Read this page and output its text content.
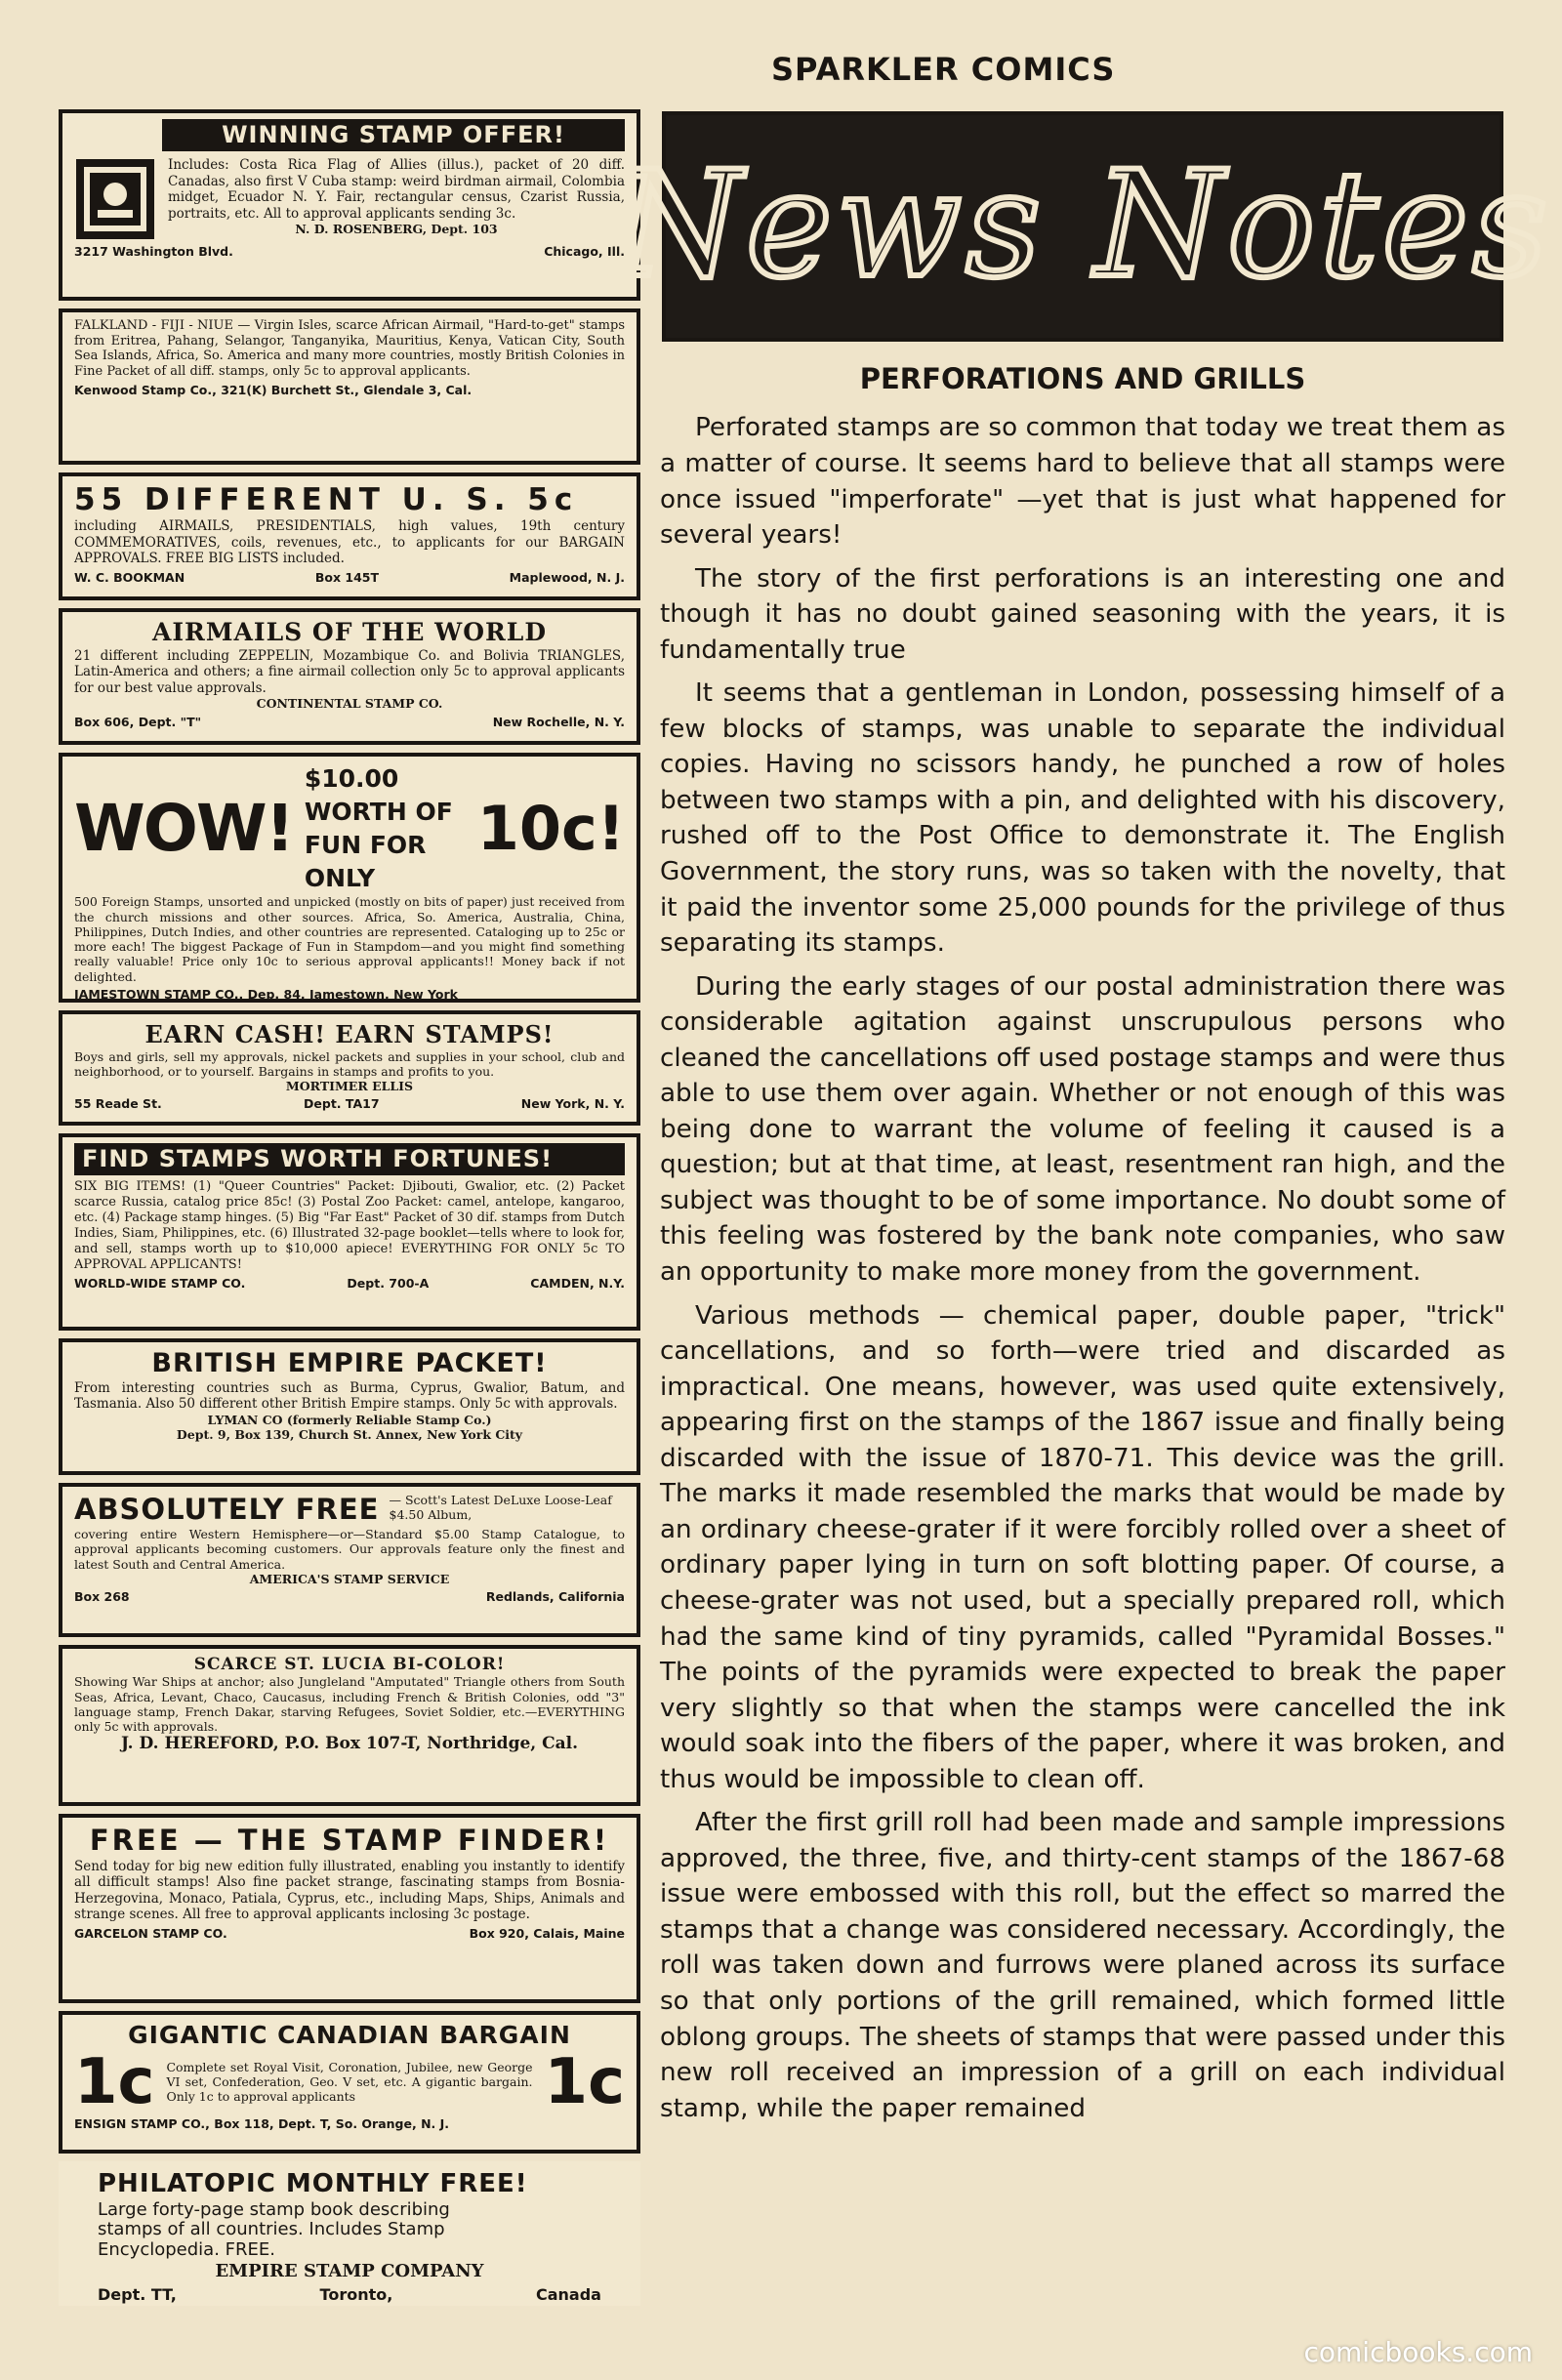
SPARKLER COMICS
WINNING STAMP OFFER!
Includes: Costa Rica Flag of Allies (illus.), packet of 20 diff. Canadas, also first V Cuba stamp: weird birdman airmail, Colombia midget, Ecuador N. Y. Fair, rectangular census, Czarist Russia, portraits, etc. All to approval applicants sending 3c.
N. D. ROSENBERG, Dept. 103
3217 Washington Blvd.	Chicago, Ill.
FALKLAND - FIJI - NIUE — Virgin Isles, scarce African Airmail, "Hard-to-get" stamps from Eritrea, Pahang, Selangor, Tanganyika, Mauritius, Kenya, Vatican City, South Sea Islands, Africa, So. America and many more countries, mostly British Colonies in Fine Packet of all diff. stamps, only 5c to approval applicants.
Kenwood Stamp Co., 321(K) Burchett St., Glendale 3, Cal.
55 DIFFERENT U. S. 5c
including AIRMAILS, PRESIDENTIALS, high values, 19th century COMMEMORATIVES, coils, revenues, etc., to applicants for our BARGAIN APPROVALS. FREE BIG LISTS included.
W. C. BOOKMAN	Box 145T	Maplewood, N. J.
AIRMAILS OF THE WORLD
21 different including ZEPPELIN, Mozambique Co. and Bolivia TRIANGLES, Latin-America and others; a fine airmail collection only 5c to approval applicants for our best value approvals.
CONTINENTAL STAMP CO.
Box 606, Dept. "T"	New Rochelle, N. Y.
WOW!
$10.00 WORTH OF
FUN FOR ONLY
10c!
500 Foreign Stamps, unsorted and unpicked (mostly on bits of paper) just received from the church missions and other sources. Africa, So. America, Australia, China, Philippines, Dutch Indies, and other countries are represented. Cataloging up to 25c or more each! The biggest Package of Fun in Stampdom—and you might find something really valuable! Price only 10c to serious approval applicants!! Money back if not delighted.
JAMESTOWN STAMP CO., Dep. 84, Jamestown, New York
EARN CASH! EARN STAMPS!
Boys and girls, sell my approvals, nickel packets and supplies in your school, club and neighborhood, or to yourself. Bargains in stamps and profits to you.
MORTIMER ELLIS
55 Reade St.	Dept. TA17	New York, N. Y.
FIND STAMPS WORTH FORTUNES!
SIX BIG ITEMS! (1) "Queer Countries" Packet: Djibouti, Gwalior, etc. (2) Packet scarce Russia, catalog price 85c! (3) Postal Zoo Packet: camel, antelope, kangaroo, etc. (4) Package stamp hinges. (5) Big "Far East" Packet of 30 dif. stamps from Dutch Indies, Siam, Philippines, etc. (6) Illustrated 32-page booklet—tells where to look for, and sell, stamps worth up to $10,000 apiece! EVERYTHING FOR ONLY 5c TO APPROVAL APPLICANTS!
WORLD-WIDE STAMP CO.	Dept. 700-A	CAMDEN, N.Y.
BRITISH EMPIRE PACKET!
From interesting countries such as Burma, Cyprus, Gwalior, Batum, and Tasmania. Also 50 different other British Empire stamps. Only 5c with approvals.
LYMAN CO (formerly Reliable Stamp Co.)
Dept. 9, Box 139, Church St. Annex, New York City
ABSOLUTELY FREE — Scott's Latest DeLuxe Loose-Leaf $4.50 Album,
covering entire Western Hemisphere—or—Standard $5.00 Stamp Catalogue, to approval applicants becoming customers. Our approvals feature only the finest and latest South and Central America.
AMERICA'S STAMP SERVICE
Box 268	Redlands, California
SCARCE ST. LUCIA BI-COLOR!
Showing War Ships at anchor; also Jungleland "Amputated" Triangle others from South Seas, Africa, Levant, Chaco, Caucasus, including French & British Colonies, odd "3" language stamp, French Dakar, starving Refugees, Soviet Soldier, etc.—EVERYTHING only 5c with approvals.
J. D. HEREFORD, P.O. Box 107-T, Northridge, Cal.
FREE — THE STAMP FINDER!
Send today for big new edition fully illustrated, enabling you instantly to identify all difficult stamps! Also fine packet strange, fascinating stamps from Bosnia-Herzegovina, Monaco, Patiala, Cyprus, etc., including Maps, Ships, Animals and strange scenes. All free to approval applicants inclosing 3c postage.
GARCELON STAMP CO.	Box 920, Calais, Maine
GIGANTIC CANADIAN BARGAIN
1c Complete set Royal Visit, Coronation, Jubilee, new George VI set, Confederation, Geo. V set, etc. A gigantic bargain. Only 1c to approval applicants	1c
ENSIGN STAMP CO., Box 118, Dept. T, So. Orange, N. J.
PHILATOPIC MONTHLY FREE!
Large forty-page stamp book describing
stamps of all countries. Includes Stamp
Encyclopedia. FREE.
EMPIRE STAMP COMPANY
Dept. TT,	Toronto,	Canada
News Notes
PERFORATIONS AND GRILLS

Perforated stamps are so common that today we treat them as a matter of course. It seems hard to believe that all stamps were once issued "imperforate" —yet that is just what happened for several years!

The story of the first perforations is an interesting one and though it has no doubt gained seasoning with the years, it is fundamentally true

It seems that a gentleman in London, possessing himself of a few blocks of stamps, was unable to separate the individual copies. Having no scissors handy, he punched a row of holes between two stamps with a pin, and delighted with his discovery, rushed off to the Post Office to demonstrate it. The English Government, the story runs, was so taken with the novelty, that it paid the inventor some 25,000 pounds for the privilege of thus separating its stamps.

During the early stages of our postal administration there was considerable agitation against unscrupulous persons who cleaned the cancellations off used postage stamps and were thus able to use them over again. Whether or not enough of this was being done to warrant the volume of feeling it caused is a question; but at that time, at least, resentment ran high, and the subject was thought to be of some importance. No doubt some of this feeling was fostered by the bank note companies, who saw an opportunity to make more money from the government.

Various methods — chemical paper, double paper, "trick" cancellations, and so forth—were tried and discarded as impractical. One means, however, was used quite extensively, appearing first on the stamps of the 1867 issue and finally being discarded with the issue of 1870-71. This device was the grill. The marks it made resembled the marks that would be made by an ordinary cheese-grater if it were forcibly rolled over a sheet of ordinary paper lying in turn on soft blotting paper. Of course, a cheese-grater was not used, but a specially prepared roll, which had the same kind of tiny pyramids, called "Pyramidal Bosses." The points of the pyramids were expected to break the paper very slightly so that when the stamps were cancelled the ink would soak into the fibers of the paper, where it was broken, and thus would be impossible to clean off.

After the first grill roll had been made and sample impressions approved, the three, five, and thirty-cent stamps of the 1867-68 issue were embossed with this roll, but the effect so marred the stamps that a change was considered necessary. Accordingly, the roll was taken down and furrows were planed across its surface so that only portions of the grill remained, which formed little oblong groups. The sheets of stamps that were passed under this new roll received an impression of a grill on each individual stamp, while the paper remained

comicbooks.com
